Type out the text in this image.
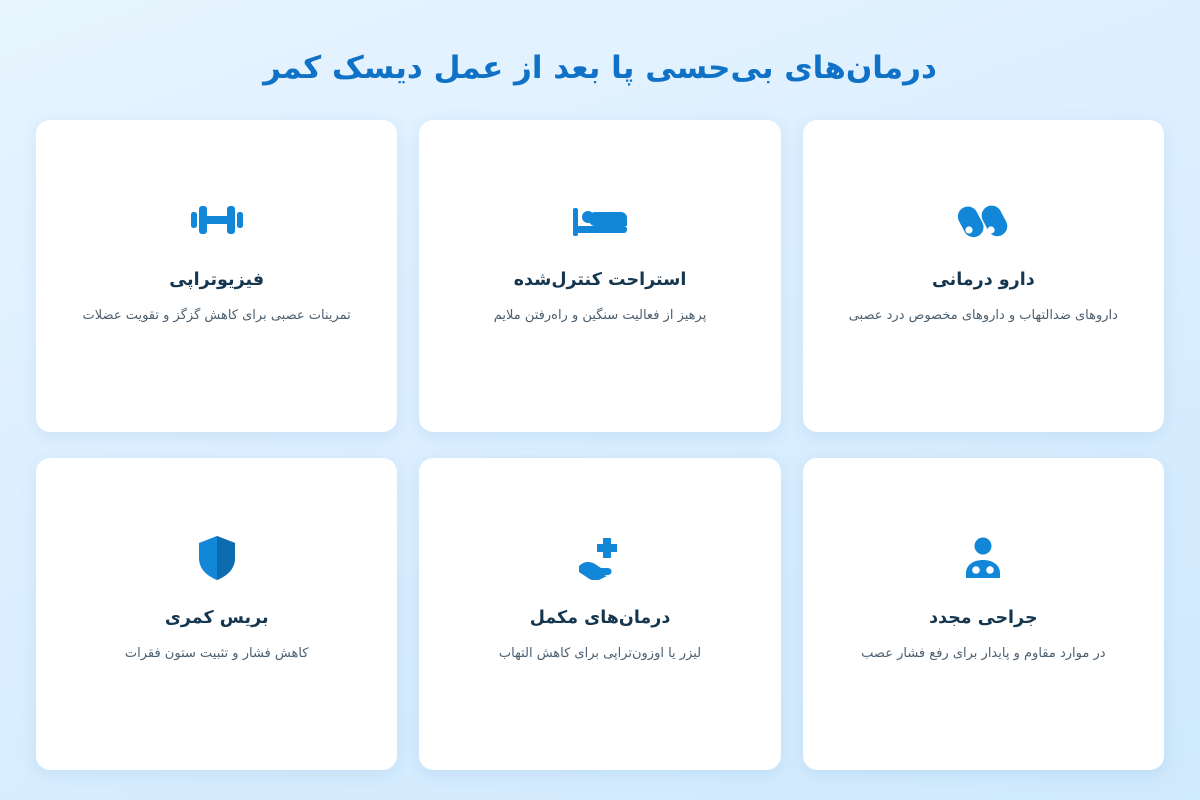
درمان‌های بی‌حسی پا بعد از عمل دیسک کمر
دارو درمانی
داروهای ضدالتهاب و داروهای مخصوص درد عصبی
استراحت کنترل‌شده
پرهیز از فعالیت سنگین و راه‌رفتن ملایم
فیزیوتراپی
تمرینات عصبی برای کاهش گزگز و تقویت عضلات
جراحی مجدد
در موارد مقاوم و پایدار برای رفع فشار عصب
درمان‌های مکمل
لیزر یا اوزون‌تراپی برای کاهش التهاب
بریس کمری
کاهش فشار و تثبیت ستون فقرات
